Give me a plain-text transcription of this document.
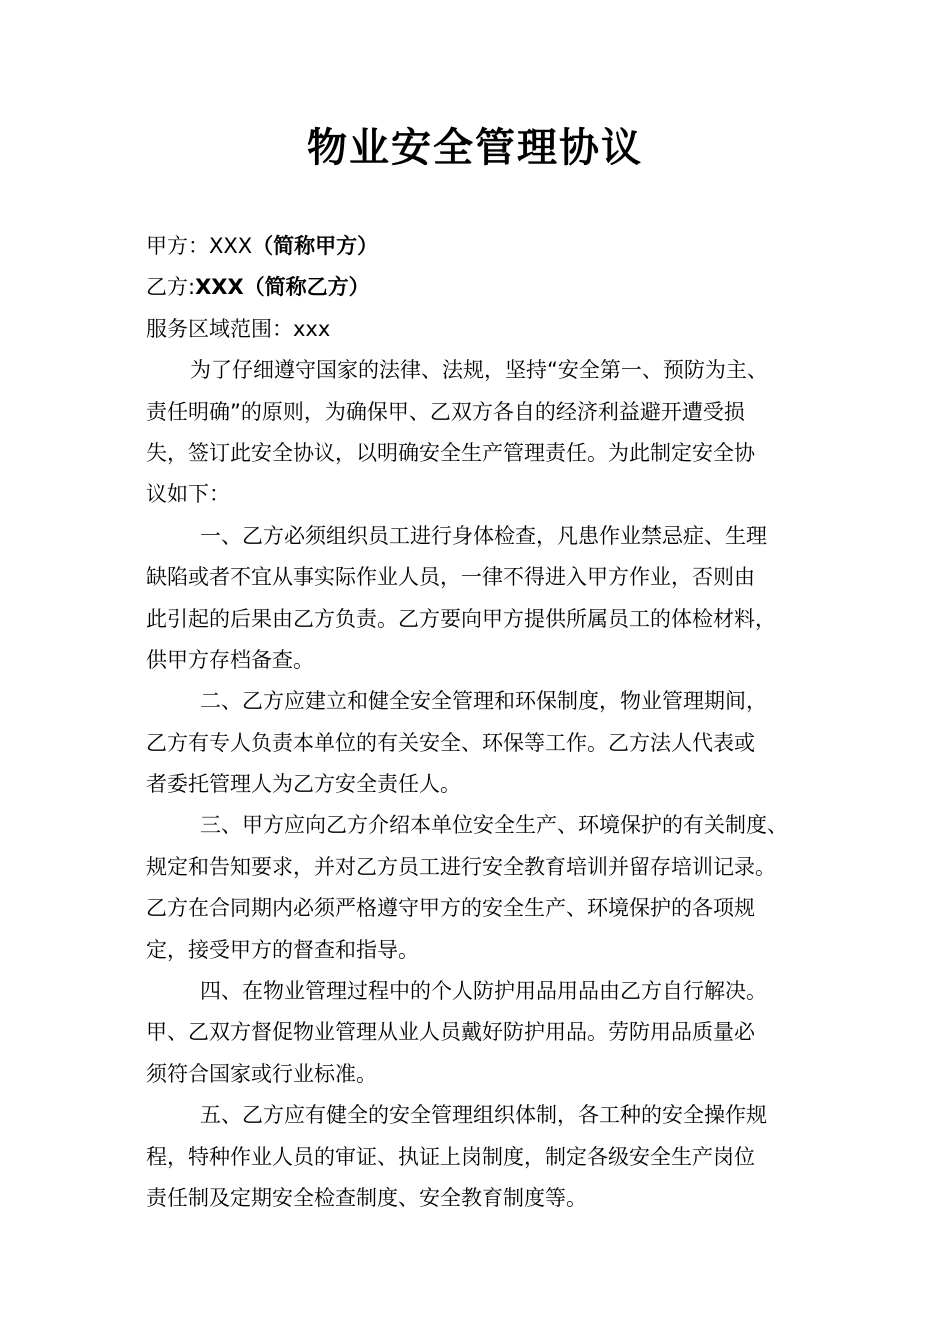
物业安全管理协议
甲方：XXX（简称甲方）
乙方:XXX（简称乙方）
服务区域范围：xxx
为了仔细遵守国家的法律、法规，坚持“安全第一、预防为主、
责任明确”的原则，为确保甲、乙双方各自的经济利益避开遭受损
失，签订此安全协议，以明确安全生产管理责任。为此制定安全协
议如下：
一、乙方必须组织员工进行身体检查，凡患作业禁忌症、生理
缺陷或者不宜从事实际作业人员，一律不得进入甲方作业，否则由
此引起的后果由乙方负责。乙方要向甲方提供所属员工的体检材料，
供甲方存档备查。
二、乙方应建立和健全安全管理和环保制度，物业管理期间，
乙方有专人负责本单位的有关安全、环保等工作。乙方法人代表或
者委托管理人为乙方安全责任人。
三、甲方应向乙方介绍本单位安全生产、环境保护的有关制度、
规定和告知要求，并对乙方员工进行安全教育培训并留存培训记录。
乙方在合同期内必须严格遵守甲方的安全生产、环境保护的各项规
定，接受甲方的督查和指导。
四、在物业管理过程中的个人防护用品用品由乙方自行解决。
甲、乙双方督促物业管理从业人员戴好防护用品。劳防用品质量必
须符合国家或行业标准。
五、乙方应有健全的安全管理组织体制，各工种的安全操作规
程，特种作业人员的审证、执证上岗制度，制定各级安全生产岗位
责任制及定期安全检查制度、安全教育制度等。
